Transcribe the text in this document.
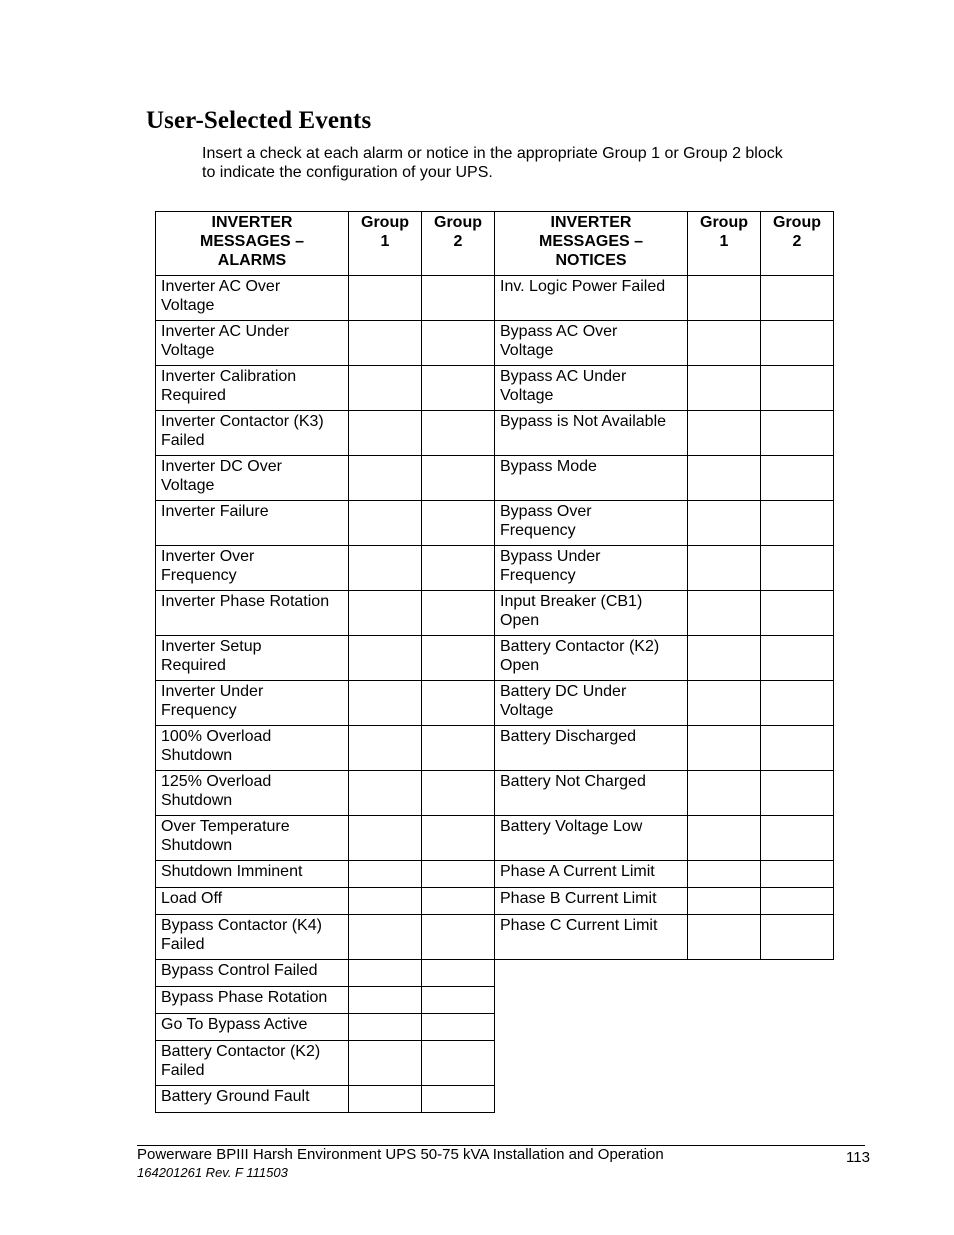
User-Selected Events

Insert a check at each alarm or notice in the appropriate Group 1 or Group 2 block
to indicate the configuration of your UPS.

INVERTER
MESSAGES –
ALARMS	Group
1	Group
2	INVERTER
MESSAGES –
NOTICES	Group
1	Group
2
Inverter AC Over
Voltage			Inv. Logic Power Failed

Inverter AC Under
Voltage			Bypass AC Over
Voltage		
Inverter Calibration
Required			Bypass AC Under
Voltage		
Inverter Contactor (K3)
Failed			Bypass is Not Available

Inverter DC Over
Voltage			Bypass Mode

Inverter Failure			Bypass Over
Frequency		
Inverter Over
Frequency			Bypass Under
Frequency		
Inverter Phase Rotation			Input Breaker (CB1)
Open		
Inverter Setup
Required			Battery Contactor (K2)
Open		
Inverter Under
Frequency			Battery DC Under
Voltage		
100% Overload
Shutdown			Battery Discharged

125% Overload
Shutdown			Battery Not Charged

Over Temperature
Shutdown			Battery Voltage Low

Shutdown Imminent			Phase A Current Limit

Load Off			Phase B Current Limit

Bypass Contactor (K4)
Failed			Phase C Current Limit

Bypass Control Failed		

Bypass Phase Rotation		

Go To Bypass Active		

Battery Contactor (K2)
Failed					
Battery Ground Fault		

Powerware BPIII Harsh Environment UPS 50‑75 kVA Installation and Operation
164201261 Rev. F 111503
113
